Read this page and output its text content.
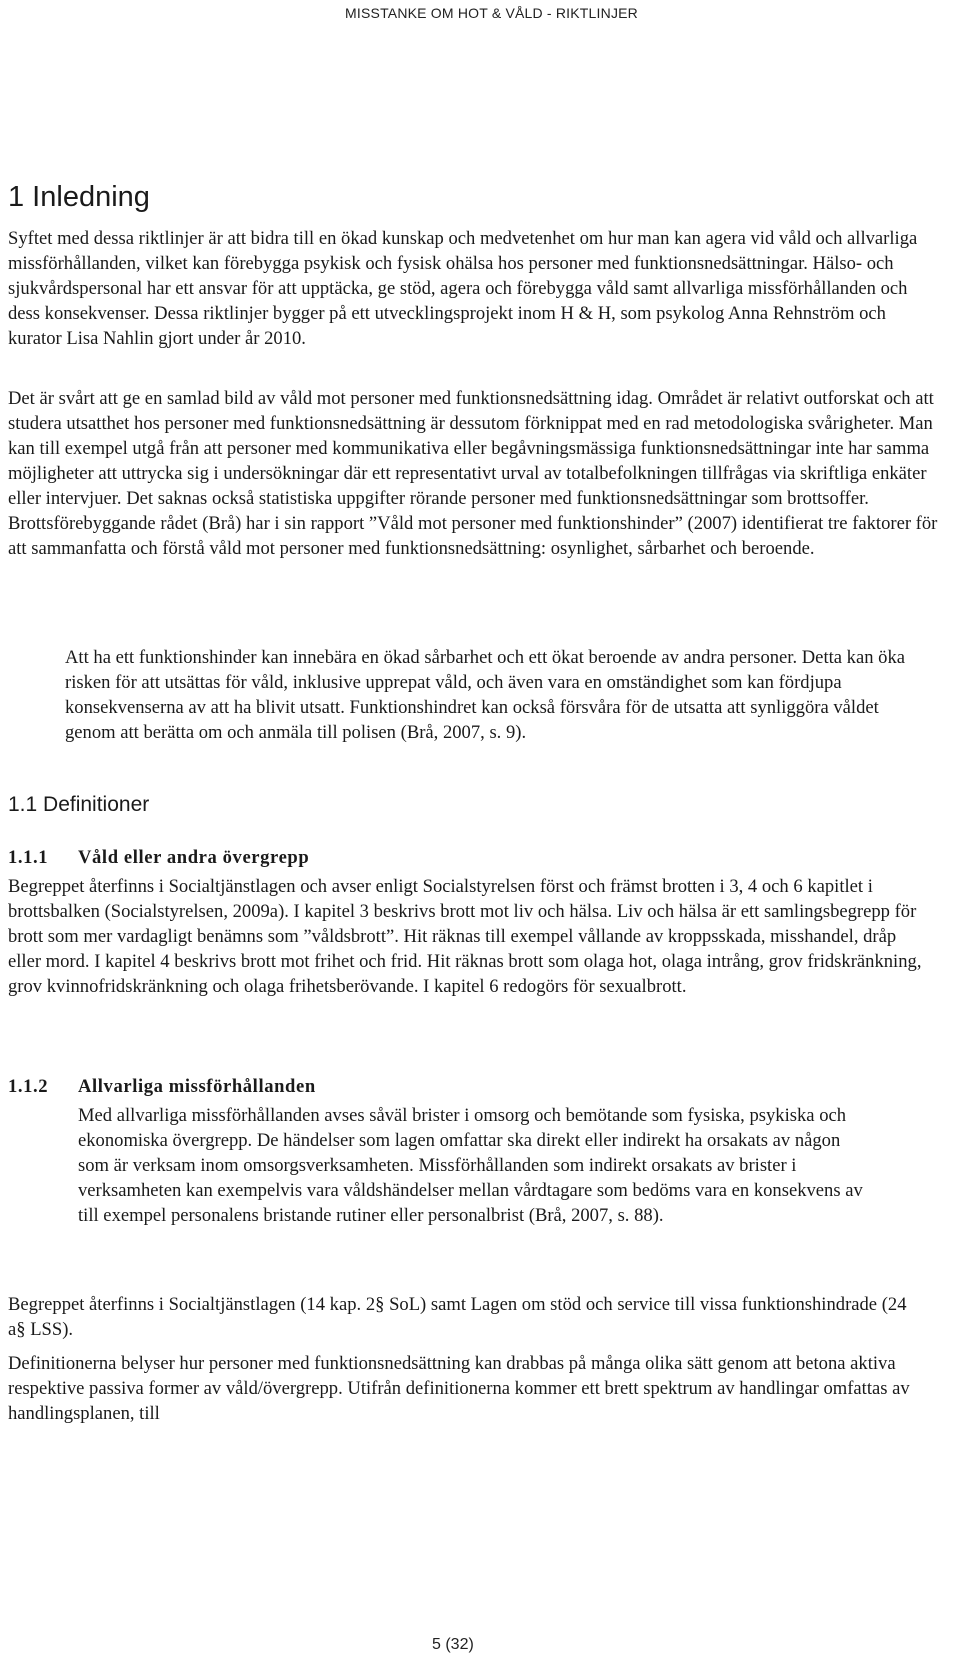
MISSTANKE OM HOT & VÅLD - RIKTLINJER
1 Inledning

Syftet med dessa riktlinjer är att bidra till en ökad kunskap och medvetenhet om hur man kan agera vid våld och allvarliga missförhållanden, vilket kan förebygga psykisk och fysisk ohälsa hos personer med funktionsnedsättningar. Hälso- och sjukvårdspersonal har ett ansvar för att upptäcka, ge stöd, agera och förebygga våld samt allvarliga missförhållanden och dess konsekvenser. Dessa riktlinjer bygger på ett utvecklingsprojekt inom H & H, som psykolog Anna Rehnström och kurator Lisa Nahlin gjort under år 2010.

Det är svårt att ge en samlad bild av våld mot personer med funktionsnedsättning idag. Området är relativt outforskat och att studera utsatthet hos personer med funktionsnedsättning är dessutom förknippat med en rad metodologiska svårigheter. Man kan till exempel utgå från att personer med kommunikativa eller begåvningsmässiga funktionsnedsättningar inte har samma möjligheter att uttrycka sig i undersökningar där ett representativt urval av totalbefolkningen tillfrågas via skriftliga enkäter eller intervjuer. Det saknas också statistiska uppgifter rörande personer med funktionsnedsättningar som brottsoffer. Brottsförebyggande rådet (Brå) har i sin rapport ”Våld mot personer med funktionshinder” (2007) identifierat tre faktorer för att sammanfatta och förstå våld mot personer med funktionsnedsättning: osynlighet, sårbarhet och beroende.

Att ha ett funktionshinder kan innebära en ökad sårbarhet och ett ökat beroende av andra personer. Detta kan öka risken för att utsättas för våld, inklusive upprepat våld, och även vara en omständighet som kan fördjupa konsekvenserna av att ha blivit utsatt. Funktionshindret kan också försvåra för de utsatta att synliggöra våldet genom att berätta om och anmäla till polisen (Brå, 2007, s. 9).

1.1 Definitioner
1.1.1 Våld eller andra övergrepp

Begreppet återfinns i Socialtjänstlagen och avser enligt Socialstyrelsen först och främst brotten i 3, 4 och 6 kapitlet i brottsbalken (Socialstyrelsen, 2009a). I kapitel 3 beskrivs brott mot liv och hälsa. Liv och hälsa är ett samlingsbegrepp för brott som mer vardagligt benämns som ”våldsbrott”. Hit räknas till exempel vållande av kroppsskada, misshandel, dråp eller mord. I kapitel 4 beskrivs brott mot frihet och frid. Hit räknas brott som olaga hot, olaga intrång, grov fridskränkning, grov kvinnofridskränkning och olaga frihetsberövande. I kapitel 6 redogörs för sexualbrott.

1.1.2 Allvarliga missförhållanden

Med allvarliga missförhållanden avses såväl brister i omsorg och bemötande som fysiska, psykiska och ekonomiska övergrepp. De händelser som lagen omfattar ska direkt eller indirekt ha orsakats av någon som är verksam inom omsorgsverksamheten. Missförhållanden som indirekt orsakats av brister i verksamheten kan exempelvis vara våldshändelser mellan vårdtagare som bedöms vara en konsekvens av till exempel personalens bristande rutiner eller personalbrist (Brå, 2007, s. 88).

Begreppet återfinns i Socialtjänstlagen (14 kap. 2§ SoL) samt Lagen om stöd och service till vissa funktionshindrade (24 a§ LSS).

Definitionerna belyser hur personer med funktionsnedsättning kan drabbas på många olika sätt genom att betona aktiva respektive passiva former av våld/övergrepp. Utifrån definitionerna kommer ett brett spektrum av handlingar omfattas av handlingsplanen, till

5 (32)
